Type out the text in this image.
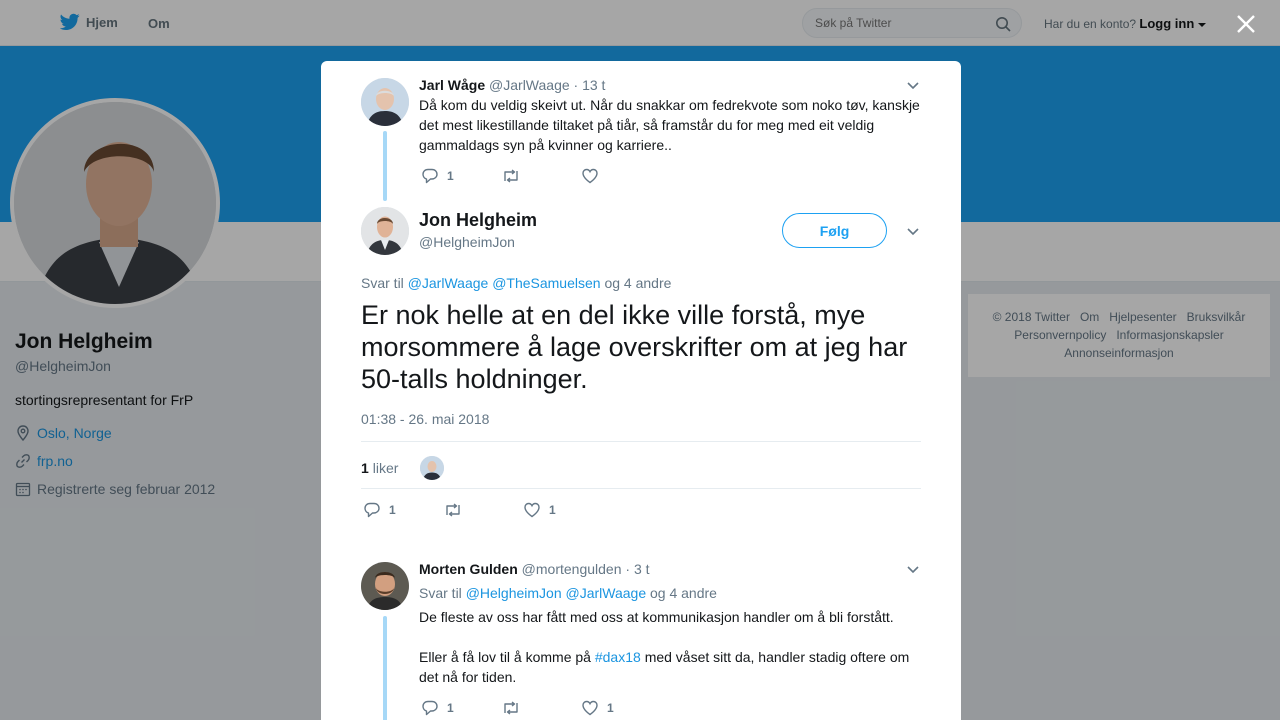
Hjem Om
Søk på Twitter	Har du en konto? Logg inn
Jon Helgheim
@HelgheimJon
stortingsrepresentant for FrP
Oslo, Norge
frp.no
Registrerte seg februar 2012
© 2018 Twitter Om Hjelpesenter Bruksvilkår
Personvernpolicy Informasjonskapsler
Annonseinformasjon
Jarl Wåge @JarlWaage · 13 t
Då kom du veldig skeivt ut. Når du snakkar om fedrekvote som noko tøv, kanskje det mest likestillande tiltaket på tiår, så framstår du for meg med eit veldig gammaldags syn på kvinner og karriere..
1
Jon Helgheim
@HelgheimJon
Følg
Svar til @JarlWaage @TheSamuelsen og 4 andre
Er nok helle at en del ikke ville forstå, mye morsommere å lage overskrifter om at jeg har 50-talls holdninger.
01:38 - 26. mai 2018
1 liker
1	1
Morten Gulden @mortengulden · 3 t
Svar til @HelgheimJon @JarlWaage og 4 andre
De fleste av oss har fått med oss at kommunikasjon handler om å bli forstått.
Eller å få lov til å komme på #dax18 med våset sitt da, handler stadig oftere om det nå for tiden.
1	1
